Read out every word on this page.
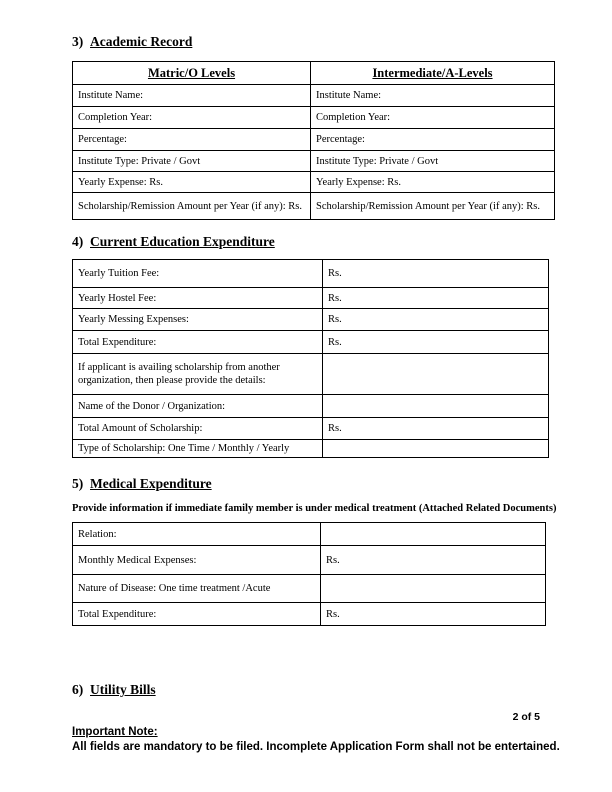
3) Academic Record
Matric/O Levels	Intermediate/A-Levels
Institute Name:	Institute Name:
Completion Year:	Completion Year:
Percentage:	Percentage:
Institute Type: Private / Govt	Institute Type: Private / Govt
Yearly Expense: Rs.	Yearly Expense: Rs.
Scholarship/Remission Amount per Year (if any): Rs.	Scholarship/Remission Amount per Year (if any): Rs.
4) Current Education Expenditure
Yearly Tuition Fee:	Rs.
Yearly Hostel Fee:	Rs.
Yearly Messing Expenses:	Rs.
Total Expenditure:	Rs.
If applicant is availing scholarship from another organization, then please provide the details:	
Name of the Donor / Organization:	
Total Amount of Scholarship:	Rs.
Type of Scholarship: One Time / Monthly / Yearly	
5) Medical Expenditure
Provide information if immediate family member is under medical treatment (Attached Related Documents)
Relation:	
Monthly Medical Expenses:	Rs.
Nature of Disease: One time treatment /Acute	
Total Expenditure:	Rs.
6) Utility Bills
2 of 5
Important Note:
All fields are mandatory to be filed. Incomplete Application Form shall not be entertained.
